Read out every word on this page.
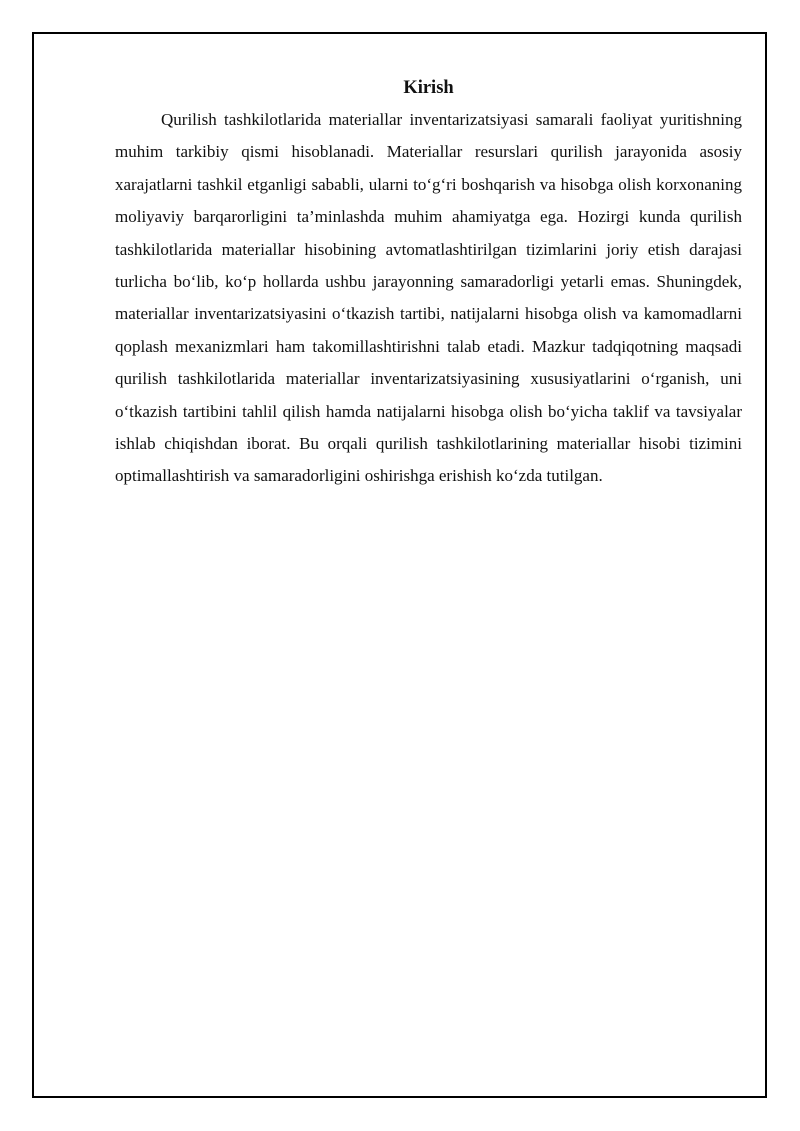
Kirish

Qurilish tashkilotlarida materiallar inventarizatsiyasi samarali faoliyat yuritishning muhim tarkibiy qismi hisoblanadi. Materiallar resurslari qurilish jarayonida asosiy xarajatlarni tashkil etganligi sababli, ularni to‘g‘ri boshqarish va hisobga olish korxonaning moliyaviy barqarorligini ta’minlashda muhim ahamiyatga ega. Hozirgi kunda qurilish tashkilotlarida materiallar hisobining avtomatlashtirilgan tizimlarini joriy etish darajasi turlicha bo‘lib, ko‘p hollarda ushbu jarayonning samaradorligi yetarli emas. Shuningdek, materiallar inventarizatsiyasini o‘tkazish tartibi, natijalarni hisobga olish va kamomadlarni qoplash mexanizmlari ham takomillashtirishni talab etadi. Mazkur tadqiqotning maqsadi qurilish tashkilotlarida materiallar inventarizatsiyasining xususiyatlarini o‘rganish, uni o‘tkazish tartibini tahlil qilish hamda natijalarni hisobga olish bo‘yicha taklif va tavsiyalar ishlab chiqishdan iborat. Bu orqali qurilish tashkilotlarining materiallar hisobi tizimini optimallashtirish va samaradorligini oshirishga erishish ko‘zda tutilgan.
